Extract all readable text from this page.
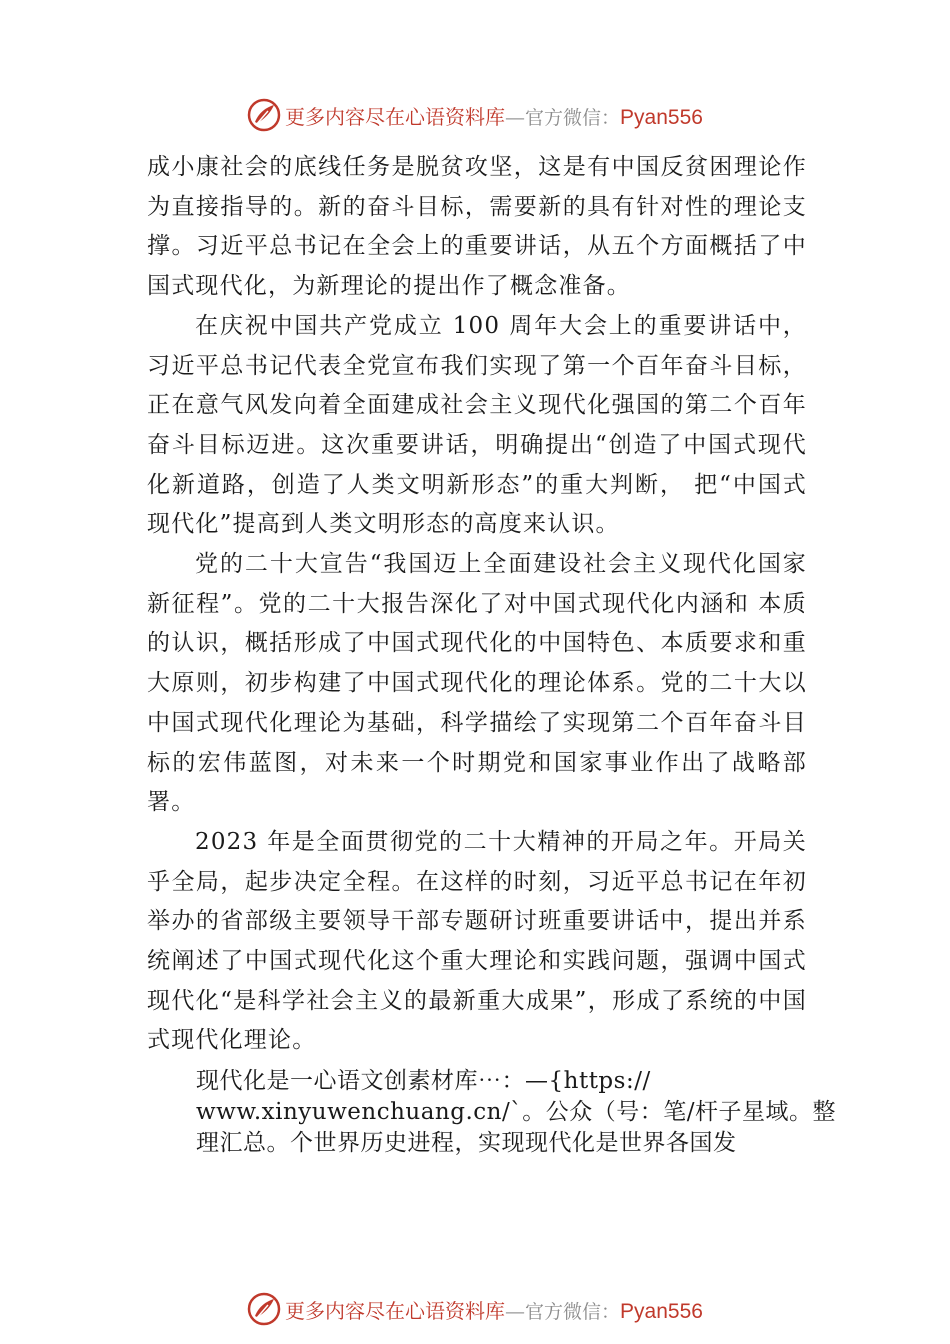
更多内容尽在心语资料库—官方微信：Pyan556

成小康社会的底线任务是脱贫攻坚，这是有中国反贫困理论作为直接指导的。新的奋斗目标，需要新的具有针对性的理论支撑。习近平总书记在全会上的重要讲话，从五个方面概括了中国式现代化，为新理论的提出作了概念准备。

在庆祝中国共产党成立 100 周年大会上的重要讲话中，习近平总书记代表全党宣布我们实现了第一个百年奋斗目标，正在意气风发向着全面建成社会主义现代化强国的第二个百年奋斗目标迈进。这次重要讲话，明确提出“创造了中国式现代化新道路，创造了人类文明新形态”的重大判断， 把“中国式现代化”提高到人类文明形态的高度来认识。

党的二十大宣告“我国迈上全面建设社会主义现代化国家新征程”。党的二十大报告深化了对中国式现代化内涵和 本质的认识，概括形成了中国式现代化的中国特色、本质要求和重大原则，初步构建了中国式现代化的理论体系。党的二十大以中国式现代化理论为基础，科学描绘了实现第二个百年奋斗目标的宏伟蓝图，对未来一个时期党和国家事业作出了战略部署。

2023 年是全面贯彻党的二十大精神的开局之年。开局关乎全局，起步决定全程。在这样的时刻，习近平总书记在年初举办的省部级主要领导干部专题研讨班重要讲话中，提出并系统阐述了中国式现代化这个重大理论和实践问题，强调中国式现代化“是科学社会主义的最新重大成果”，形成了系统的中国式现代化理论。

现代化是一心语文创素材库⋯：—{https://
www.xinyuwenchuang.cn/`。公众（号：笔/杆子星域。整
理汇总。个世界历史进程，实现现代化是世界各国发
更多内容尽在心语资料库—官方微信：Pyan556
